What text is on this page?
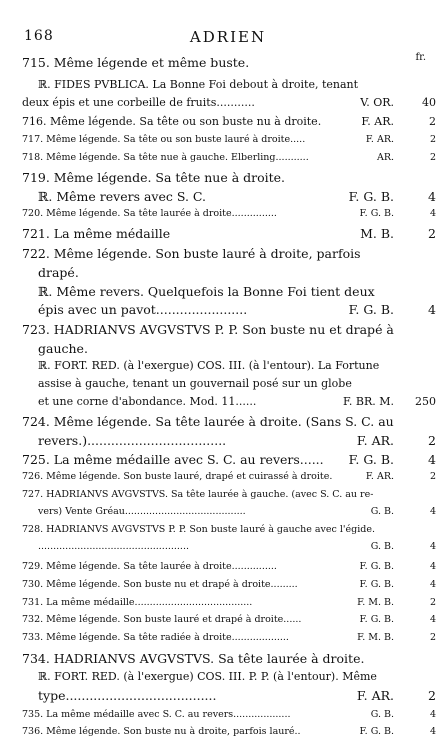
168	ADRIEN
fr.
715. Même légende et même buste.
ℝ. FIDES PVBLICA. La Bonne Foi debout à droite, tenant
deux épis et une corbeille de fruits...........	V. OR.	40
716. Même légende. Sa tête ou son buste nu à droite.	F. AR.	2
717. Même légende. Sa tête ou son buste lauré à droite.....	F. AR.	2
718. Même légende. Sa tête nue à gauche. Elberling...........	AR.	2
719. Même légende. Sa tête nue à droite.
ℝ. Même revers avec S. C.	F. G. B.	4
720. Même légende. Sa tête laurée à droite...............	F. G. B.	4
721. La même médaille	M. B.	2
722. Même légende. Son buste lauré à droite, parfois
drapé.
ℝ. Même revers. Quelquefois la Bonne Foi tient deux
épis avec un pavot.......................	F. G. B.	4
723. HADRIANVS AVGVSTVS P. P. Son buste nu et drapé à
gauche.
ℝ. FORT. RED. (à l'exergue) COS. III. (à l'entour). La Fortune
assise à gauche, tenant un gouvernail posé sur un globe
et une corne d'abondance. Mod. 11......	F. BR. M.	250
724. Même légende. Sa tête laurée à droite. (Sans S. C. au
revers.)...................................	F. AR.	2
725. La même médaille avec S. C. au revers...... F. G. B.	4
726. Même légende. Son buste lauré, drapé et cuirassé à droite.	F. AR.	2
727. HADRIANVS AVGVSTVS. Sa tête laurée à gauche. (avec S. C. au re-
vers) Vente Gréau........................................	G. B.	4
728. HADRIANVS AVGVSTVS P. P. Son buste lauré à gauche avec l'égide.
..................................................	G. B.	4
729. Même légende. Sa tête laurée à droite...............	F. G. B.	4
730. Même légende. Son buste nu et drapé à droite.........	F. G. B.	4
731. La même médaille.......................................	F. M. B.	2
732. Même légende. Son buste lauré et drapé à droite......	F. G. B.	4
733. Même légende. Sa tête radiée à droite...................	F. M. B.	2
734. HADRIANVS AVGVSTVS. Sa tête laurée à droite.
ℝ. FORT. RED. (à l'exergue) COS. III. P. P. (à l'entour). Même
type......................................	F. AR.	2
735. La même médaille avec S. C. au revers...................	G. B.	4
736. Même légende. Son buste nu à droite, parfois lauré..	F. G. B.	4
